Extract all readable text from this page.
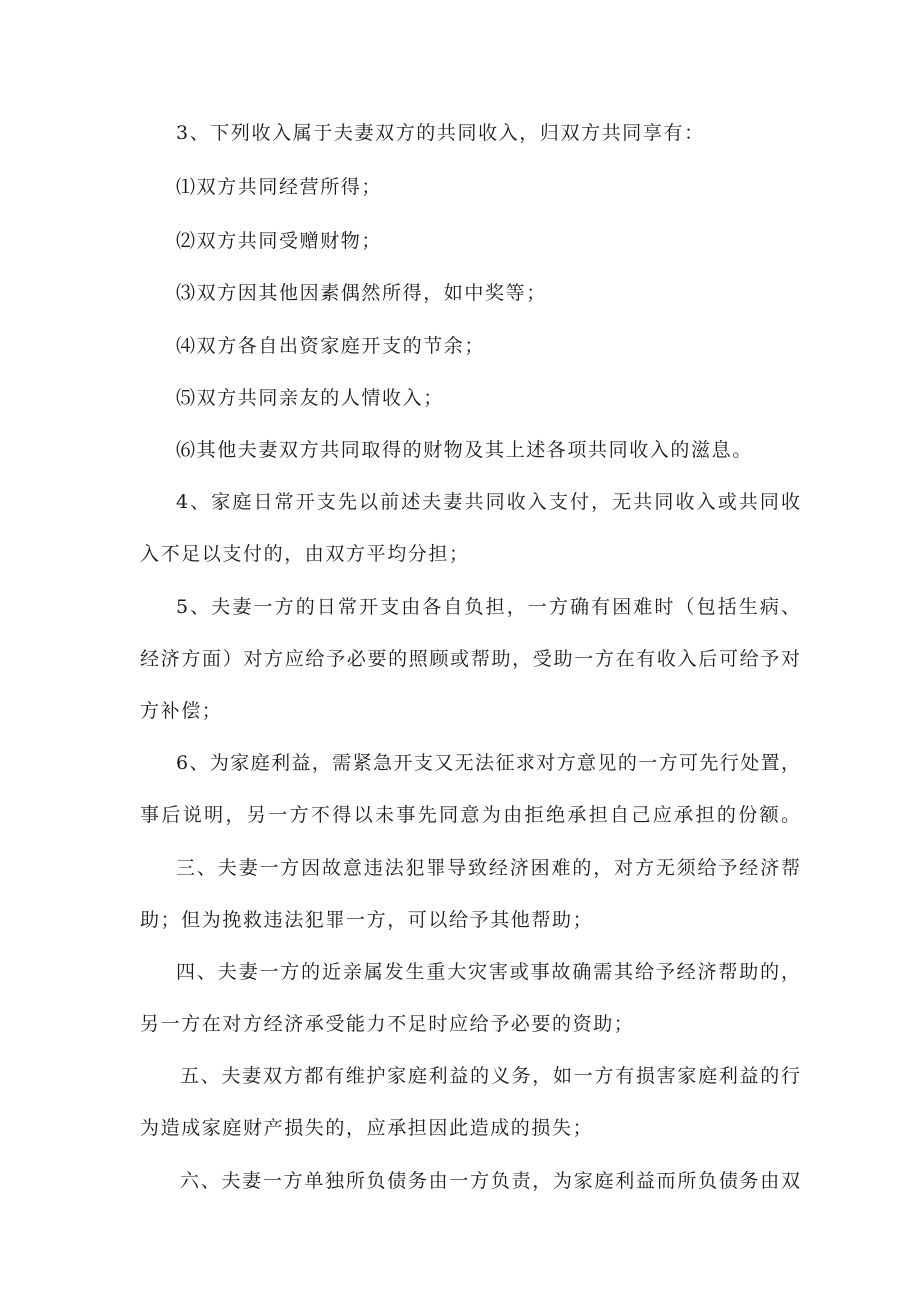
3、下列收入属于夫妻双方的共同收入，归双方共同享有：
⑴双方共同经营所得；
⑵双方共同受赠财物；
⑶双方因其他因素偶然所得，如中奖等；
⑷双方各自出资家庭开支的节余；
⑸双方共同亲友的人情收入；
⑹其他夫妻双方共同取得的财物及其上述各项共同收入的滋息。
4、家庭日常开支先以前述夫妻共同收入支付，无共同收入或共同收
入不足以支付的，由双方平均分担；
5、夫妻一方的日常开支由各自负担，一方确有困难时（包括生病、
经济方面）对方应给予必要的照顾或帮助，受助一方在有收入后可给予对
方补偿；
6、为家庭利益，需紧急开支又无法征求对方意见的一方可先行处置，
事后说明，另一方不得以未事先同意为由拒绝承担自己应承担的份额。
三、夫妻一方因故意违法犯罪导致经济困难的，对方无须给予经济帮
助；但为挽救违法犯罪一方，可以给予其他帮助；
四、夫妻一方的近亲属发生重大灾害或事故确需其给予经济帮助的，
另一方在对方经济承受能力不足时应给予必要的资助；
五、夫妻双方都有维护家庭利益的义务，如一方有损害家庭利益的行
为造成家庭财产损失的，应承担因此造成的损失；
六、夫妻一方单独所负债务由一方负责，为家庭利益而所负债务由双
